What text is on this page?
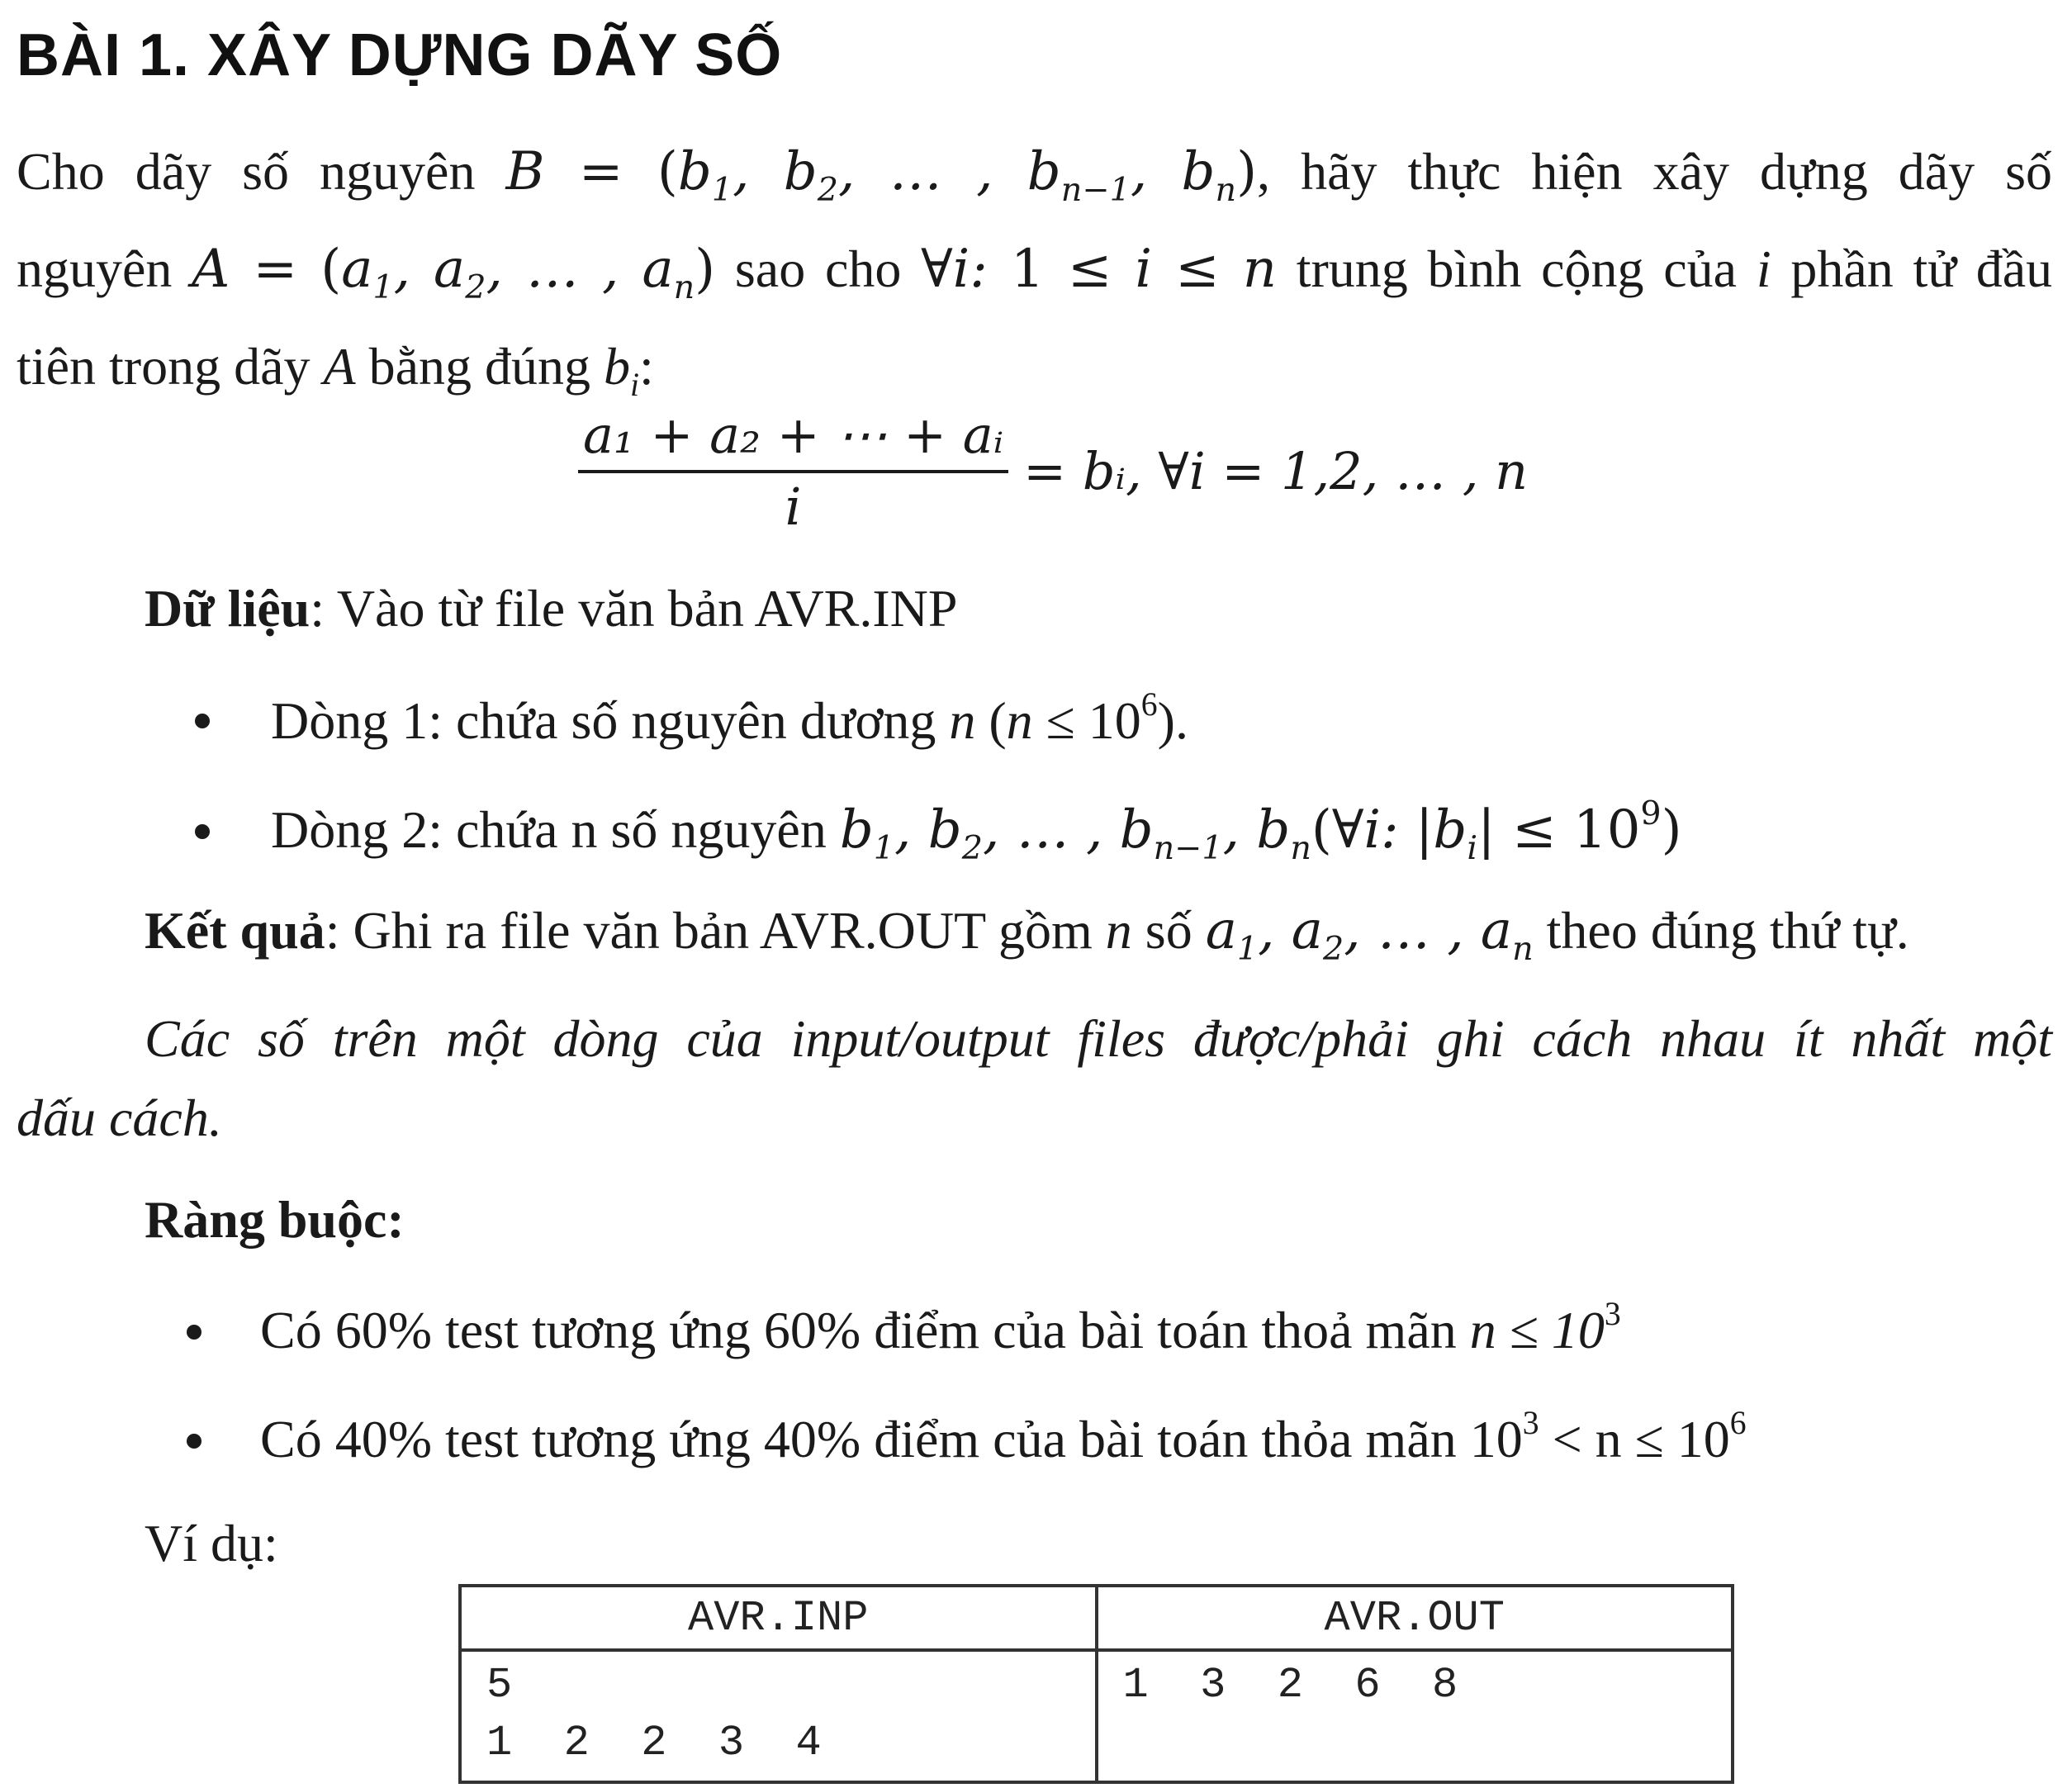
BÀI 1. XÂY DỰNG DÃY SỐ
Cho dãy số nguyên $B = (b_1$, $b_2$, … , $b_{n-1}$, $b_n$), hãy thực hiện xây dựng dãy số
nguyên $A = (a_1$, $a_2$, … , $a_n$) sao cho ∀i: 1 ≤ i ≤ n trung bình cộng của i phần tử đầu
tiên trong dãy A bằng đúng $b_i$:
$\frac{\text{a₁ + a₂ + ⋯ + aᵢ}}{i}$ = bᵢ, ∀i = 1,2, … , n
Dữ liệu: Vào từ file văn bản AVR.INP
Dòng 1: chứa số nguyên dương n $(n \le 10^6)$.
Dòng 2: chứa n số nguyên $b_1$, $b_2$, … , $b_{n-1}$, $b_n(\forall i$: $|b_i| \le 10^9$)
Kết quả: Ghi ra file văn bản AVR.OUT gồm n số $a_1$, $a_2$, … , $a_n$ theo đúng thứ tự.
Các số trên một dòng của input/output files được/phải ghi cách nhau ít nhất một
dấu cách.
Ràng buộc:
Có 60% test tương ứng 60% điểm của bài toán thoả mãn $n \le 10^3$
Có 40% test tương ứng 40% điểm của bài toán thỏa mãn $10^3 < n \le 10^6$
Ví dụ:
AVR.INP	AVR.OUT
5
1  2  2  3  4	1  3  2  6  8
